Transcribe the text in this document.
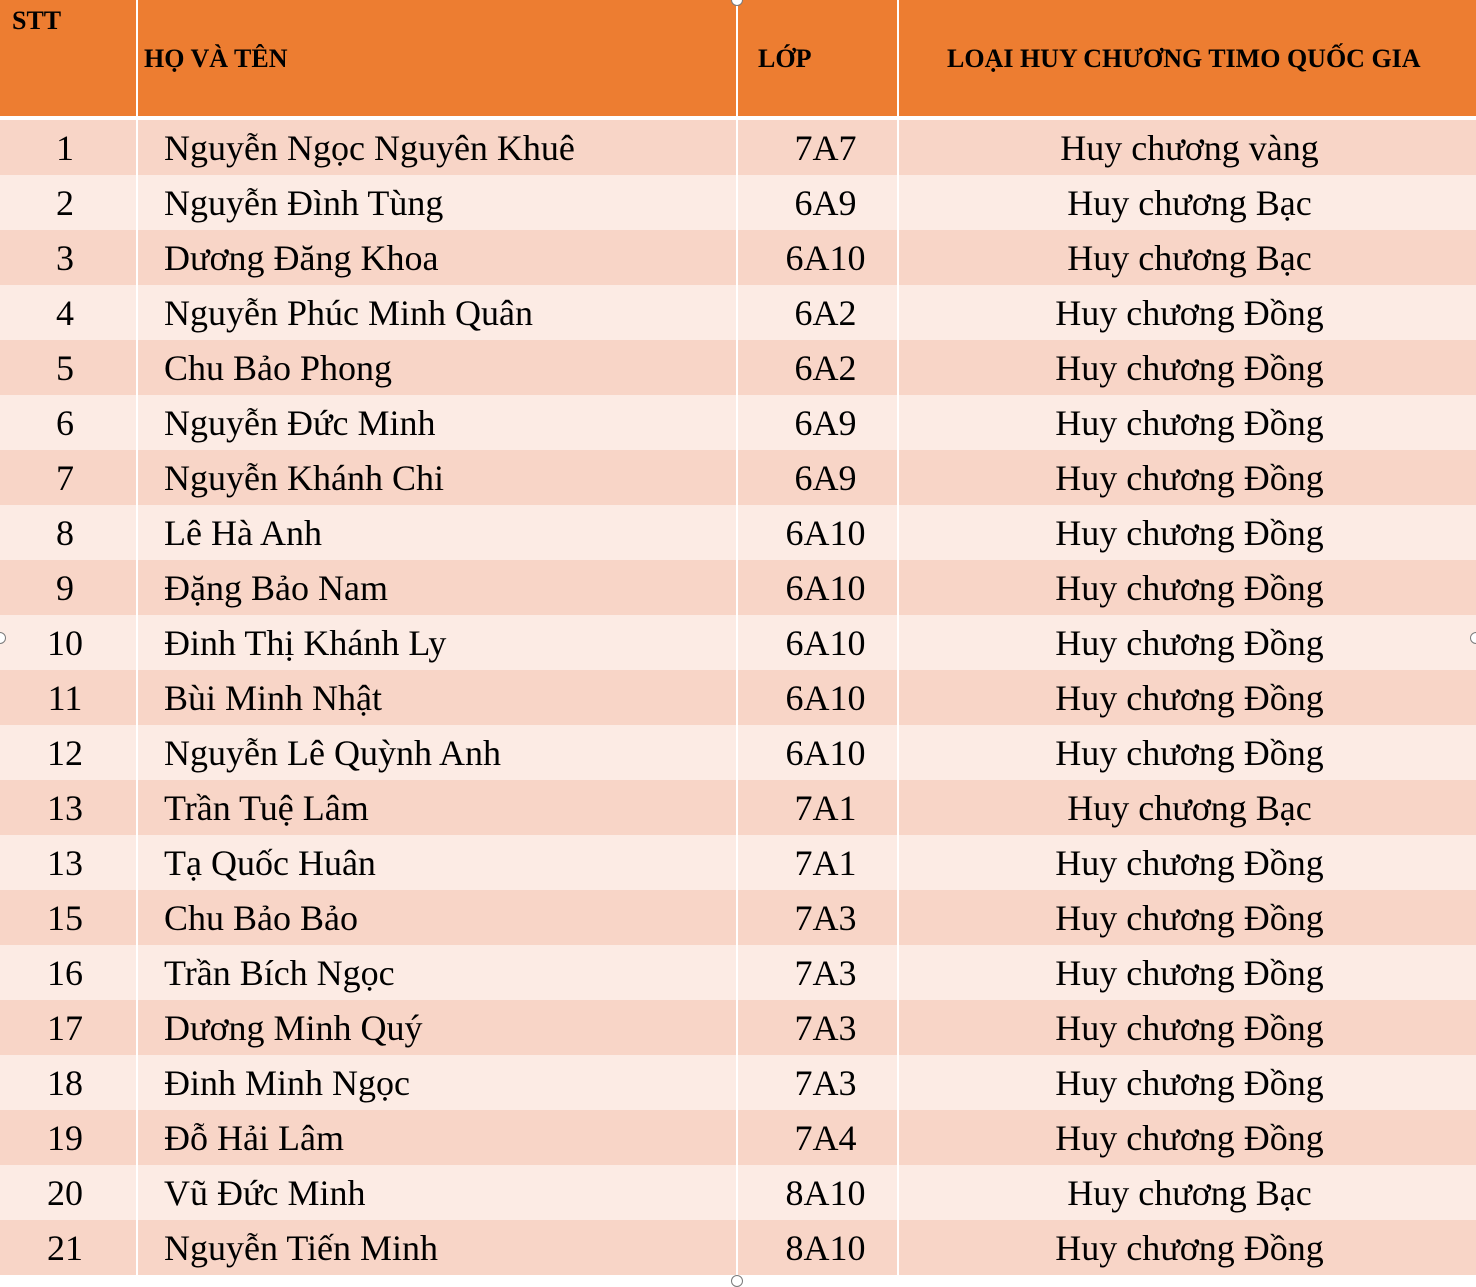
STT	HỌ VÀ TÊN	LỚP	LOẠI HUY CHƯƠNG TIMO QUỐC GIA

1	Nguyễn Ngọc Nguyên Khuê	7A7	Huy chương vàng
2	Nguyễn Đình Tùng	6A9	Huy chương Bạc
3	Dương Đăng Khoa	6A10	Huy chương Bạc
4	Nguyễn Phúc Minh Quân	6A2	Huy chương Đồng
5	Chu Bảo Phong	6A2	Huy chương Đồng
6	Nguyễn Đức Minh	6A9	Huy chương Đồng
7	Nguyễn Khánh Chi	6A9	Huy chương Đồng
8	Lê Hà Anh	6A10	Huy chương Đồng
9	Đặng Bảo Nam	6A10	Huy chương Đồng
10	Đinh Thị Khánh Ly	6A10	Huy chương Đồng
11	Bùi Minh Nhật	6A10	Huy chương Đồng
12	Nguyễn Lê Quỳnh Anh	6A10	Huy chương Đồng
13	Trần Tuệ Lâm	7A1	Huy chương Bạc
13	Tạ Quốc Huân	7A1	Huy chương Đồng
15	Chu Bảo Bảo	7A3	Huy chương Đồng
16	Trần Bích Ngọc	7A3	Huy chương Đồng
17	Dương Minh Quý	7A3	Huy chương Đồng
18	Đinh Minh Ngọc	7A3	Huy chương Đồng
19	Đỗ Hải Lâm	7A4	Huy chương Đồng
20	Vũ Đức Minh	8A10	Huy chương Bạc
21	Nguyễn Tiến Minh	8A10	Huy chương Đồng
